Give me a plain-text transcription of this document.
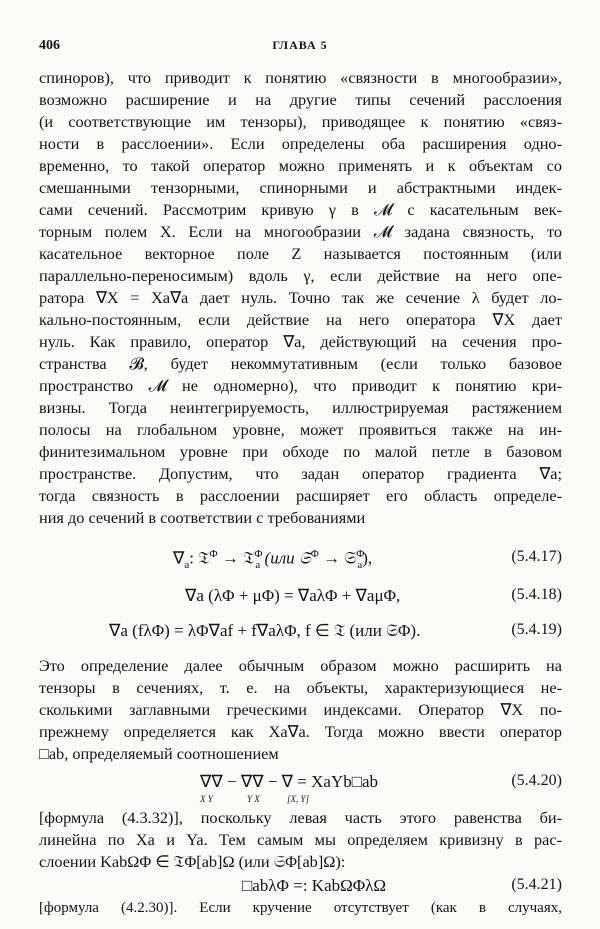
406	ГЛАВА 5
спиноров), что приводит к понятию «связности в многообразии»,
возможно расширение и на другие типы сечений расслоения
(и соответствующие им тензоры), приводящее к понятию «связ-
ности в расслоении». Если определены оба расширения одно-
временно, то такой оператор можно применять и к объектам со
смешанными тензорными, спинорными и абстрактными индек-
сами сечений. Рассмотрим кривую γ в 𝓜 с касательным век-
торным полем X. Если на многообразии 𝓜 задана связность, то
касательное векторное поле Z называется постоянным (или
параллельно-переносимым) вдоль γ, если действие на него опе-
ратора ∇X = Xa∇a дает нуль. Точно так же сечение λ будет ло-
кально-постоянным, если действие на него оператора ∇X дает
нуль. Как правило, оператор ∇a, действующий на сечения про-
странства 𝓑, будет некоммутативным (если только базовое
пространство 𝓜 не одномерно), что приводит к понятию кри-
визны. Тогда неинтегрируемость, иллюстрируемая растяжением
полосы на глобальном уровне, может проявиться также на ин-
финитезимальном уровне при обходе по малой петле в базовом
пространстве. Допустим, что задан оператор градиента ∇a;
тогда связность в расслоении расширяет его область определе-
ния до сечений в соответствии с требованиями
$\nabla_a$: 𝔗$^\Phi$ → 𝔗$^\Phi_a$ (или 𝔖$^\Phi$ → 𝔖$^\Phi_a$),	(5.4.17)
∇a (λΦ + μΦ) = ∇aλΦ + ∇aμΦ,	(5.4.18)
∇a (fλΦ) = λΦ∇af + f∇aλΦ, f ∈ 𝔗 (или 𝔖Φ).	(5.4.19)
Это определение далее обычным образом можно расширить на
тензоры в сечениях, т. е. на объекты, характеризующиеся не-
сколькими заглавными греческими индексами. Оператор ∇X по-
прежнему определяется как Xa∇a. Тогда можно ввести оператор
□ab, определяемый соотношением
∇∇ − ∇∇ − ∇ = XaYb□ab
X Y	Y X	[X, Y]
(5.4.20)
[формула (4.3.32)], поскольку левая часть этого равенства би-
линейна по Xa и Ya. Тем самым мы определяем кривизну в рас-
слоении KabΩΦ ∈ 𝔗Φ[ab]Ω (или 𝔖Φ[ab]Ω):
□abλΦ =: KabΩΦλΩ	(5.4.21)
[формула (4.2.30)]. Если кручение отсутствует (как в случаях,
